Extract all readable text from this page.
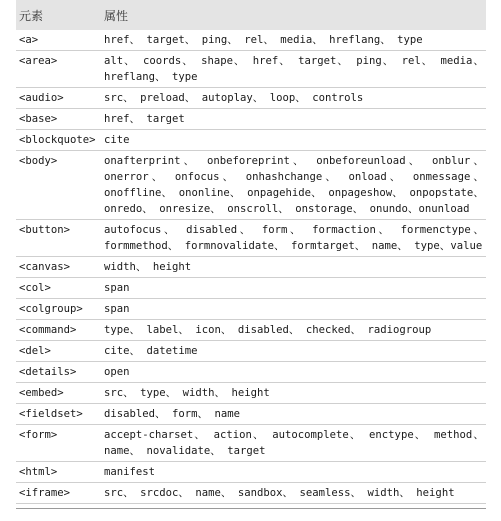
元素	属性
<a>	href、 target、 ping、 rel、 media、 hreflang、 type
<area>	alt、 coords、 shape、 href、 target、 ping、 rel、 media、 hreflang、 type
<audio>	src、 preload、 autoplay、 loop、 controls
<base>	href、 target
<blockquote> cite
<body>	onafterprint、 onbeforeprint、 onbeforeunload、 onblur、 onerror、 onfocus、 onhashchange、 onload、 onmessage、onoffline、 ononline、 onpagehide、 onpageshow、 onpopstate、 onredo、 onresize、 onscroll、 onstorage、 onundo、onunload
<button>	autofocus、 disabled、 form、 formaction、 formenctype、 formmethod、 formnovalidate、 formtarget、 name、 type、value
<canvas>	width、 height
<col>	span
<colgroup>	span
<command>	type、 label、 icon、 disabled、 checked、 radiogroup
<del>	cite、 datetime
<details>	open
<embed>	src、 type、 width、 height
<fieldset>	disabled、 form、 name
<form>	accept-charset、 action、 autocomplete、 enctype、 method、 name、 novalidate、 target
<html>	manifest
<iframe>	src、 srcdoc、 name、 sandbox、 seamless、 width、 height
